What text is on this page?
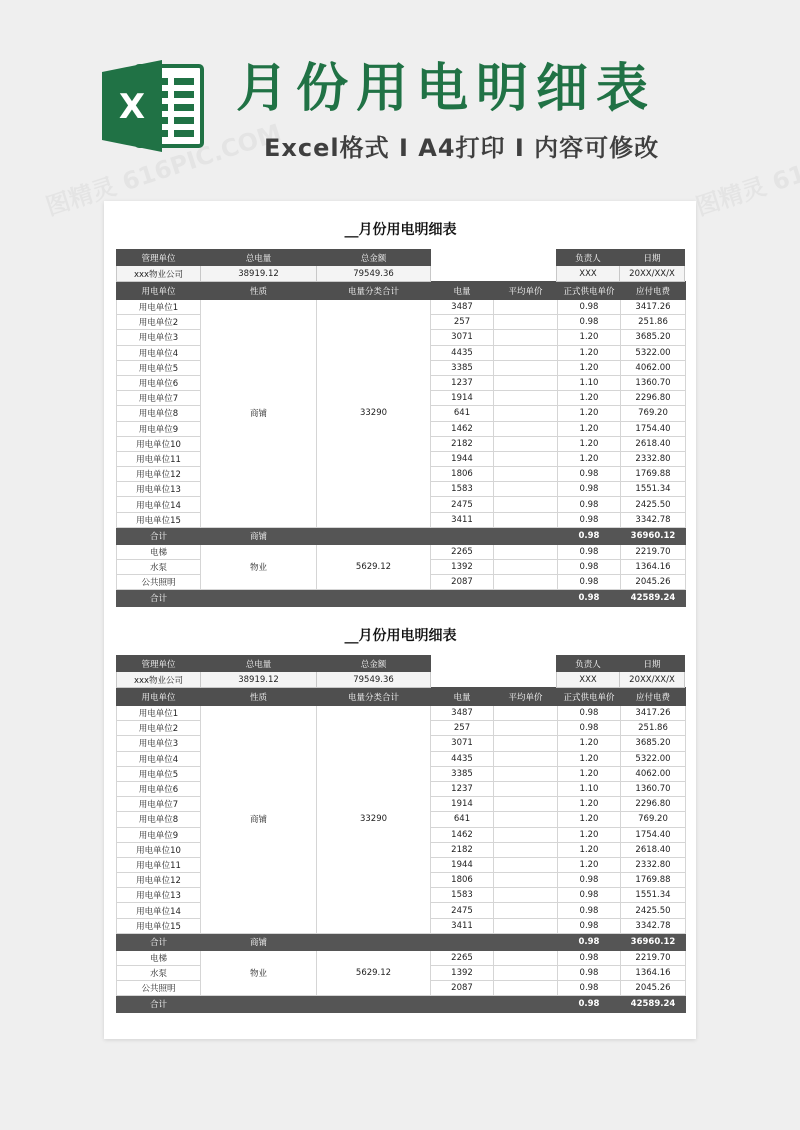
X 月份用电明细表
Excel格式 I A4打印 I 内容可修改
__月份用电明细表
管理单位	总电量	总金额
xxx物业公司	38919.12	79549.36
负责人	日期
XXX	20XX/XX/X
用电单位	性质	电量分类合计	电量	平均单价	正式供电单价	应付电费
用电单位1	商铺	33290	3487		0.98	3417.26
用电单位2			257		0.98	251.86
用电单位3			3071		1.20	3685.20
用电单位4			4435		1.20	5322.00
用电单位5			3385		1.20	4062.00
用电单位6			1237		1.10	1360.70
用电单位7			1914		1.20	2296.80
用电单位8			641		1.20	769.20
用电单位9			1462		1.20	1754.40
用电单位10			2182		1.20	2618.40
用电单位11			1944		1.20	2332.80
用电单位12			1806		0.98	1769.88
用电单位13			1583		0.98	1551.34
用电单位14			2475		0.98	2425.50
用电单位15			3411		0.98	3342.78
合计	商铺				0.98	36960.12
电梯	物业	5629.12	2265		0.98	2219.70
水泵			1392		0.98	1364.16
公共照明			2087		0.98	2045.26
合计					0.98	42589.24
__月份用电明细表
管理单位	总电量	总金额
xxx物业公司	38919.12	79549.36
负责人	日期
XXX	20XX/XX/X
用电单位	性质	电量分类合计	电量	平均单价	正式供电单价	应付电费
用电单位1	商铺	33290	3487		0.98	3417.26
用电单位2			257		0.98	251.86
用电单位3			3071		1.20	3685.20
用电单位4			4435		1.20	5322.00
用电单位5			3385		1.20	4062.00
用电单位6			1237		1.10	1360.70
用电单位7			1914		1.20	2296.80
用电单位8			641		1.20	769.20
用电单位9			1462		1.20	1754.40
用电单位10			2182		1.20	2618.40
用电单位11			1944		1.20	2332.80
用电单位12			1806		0.98	1769.88
用电单位13			1583		0.98	1551.34
用电单位14			2475		0.98	2425.50
用电单位15			3411		0.98	3342.78
合计	商铺				0.98	36960.12
电梯	物业	5629.12	2265		0.98	2219.70
水泵			1392		0.98	1364.16
公共照明			2087		0.98	2045.26
合计					0.98	42589.24
